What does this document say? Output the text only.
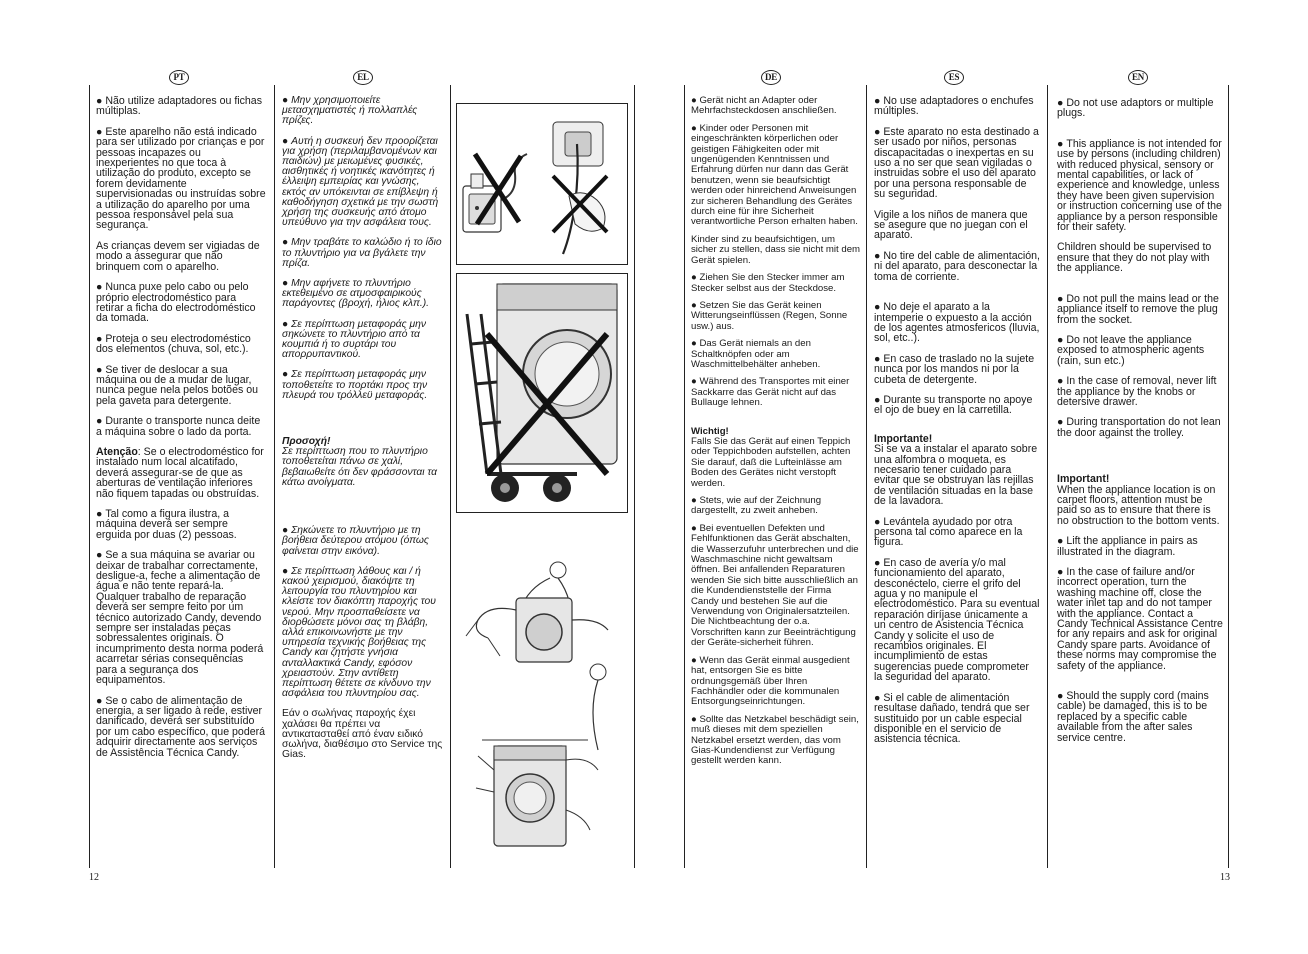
PT	EL

● Não utilize adaptadores ou fichas múltiplas.

● Este aparelho não está indicado para ser utilizado por crianças e por pessoas incapazes ou inexperientes no que toca à utilização do produto, excepto se forem devidamente supervisionadas ou instruídas sobre a utilização do aparelho por uma pessoa responsável pela sua segurança.

As crianças devem ser vigiadas de modo a assegurar que não brinquem com o aparelho.

● Nunca puxe pelo cabo ou pelo próprio electrodoméstico para retirar a ficha do electrodoméstico da tomada.

● Proteja o seu electrodoméstico dos elementos (chuva, sol, etc.).

● Se tiver de deslocar a sua máquina ou de a mudar de lugar, nunca pegue nela pelos botões ou pela gaveta para detergente.

● Durante o transporte nunca deite a máquina sobre o lado da porta.

Atenção: Se o electrodoméstico for instalado num local alcatifado, deverá assegurar-se de que as aberturas de ventilação inferiores não fiquem tapadas ou obstruídas.

● Tal como a figura ilustra, a máquina deverá ser sempre erguida por duas (2) pessoas.

● Se a sua máquina se avariar ou deixar de trabalhar correctamente, desligue-a, feche a alimentação de água e não tente repará-la. Qualquer trabalho de reparação deverá ser sempre feito por um técnico autorizado Candy, devendo sempre ser instaladas peças sobressalentes originais. O incumprimento desta norma poderá acarretar sérias consequências para a segurança dos equipamentos.

● Se o cabo de alimentação de energia, a ser ligado à rede, estiver danificado, deverá ser substituído por um cabo específico, que poderá adquirir directamente aos serviços de Assistência Técnica Candy.

● Μην χρησιμοποιείτε μετασχηματιστές ή πολλαπλές πρίζες.

● Αυτή η συσκευή δεν προορίζεται για χρήση (περιλαμβανομένων και παιδιών) με μειωμένες φυσικές, αισθητικές ή νοητικές ικανότητες ή έλλειψη εμπειρίας και γνώσης, εκτός αν υπόκεινται σε επίβλεψη ή καθοδήγηση σχετικά με την σωστή χρήση της συσκευής από άτομο υπεύθυνο για την ασφάλεια τους.

● Μην τραβάτε το καλώδιο ή το ίδιο το πλυντήριο για να βγάλετε την πρίζα.

● Μην αφήνετε το πλυντήριο εκτεθειμένο σε ατμοσφαιρικούς παράγοντες (βροχή, ήλιος κλπ.).

● Σε περίπτωση μεταφοράς μην σηκώνετε το πλυντήριο από τα κουμπιά ή το συρτάρι του απορρυπαντικού.

● Σε περίπτωση μεταφοράς μην τοποθετείτε το πορτάκι προς την πλευρά του τρόλλεϋ μεταφοράς.

Προσοχή!

Σε περίπτωση που το πλυντήριο τοποθετείται πάνω σε χαλί, βεβαιωθείτε ότι δεν φράσσονται τα κάτω ανοίγματα.

● Σηκώνετε το πλυντήριο με τη βοήθεια δεύτερου ατόμου (όπως φαίνεται στην εικόνα).

● Σε περίπτωση λάθους και / ή κακού χειρισμού, διακόψτε τη λειτουργία του πλυντηρίου και κλείστε τον διακόπτη παροχής του νερού. Μην προσπαθείσετε να διορθώσετε μόνοι σας τη βλάβη, αλλά επικοινωνήστε με την υπηρεσία τεχνικής βοήθειας της Candy και ζητήστε γνήσια ανταλλακτικά Candy, εφόσον χρειαστούν. Στην αντίθετη περίπτωση θέτετε σε κίνδυνο την ασφάλεια του πλυντηρίου σας.

Εάν ο σωλήνας παροχής έχει χαλάσει θα πρέπει να αντικατασταθεί από έναν ειδικό σωλήνα, διαθέσιμο στο Service της Gias.

12
DE	ES	EN

● Gerät nicht an Adapter oder Mehrfachsteckdosen anschließen.

● Kinder oder Personen mit eingeschränkten körperlichen oder geistigen Fähigkeiten oder mit ungenügenden Kenntnissen und Erfahrung dürfen nur dann das Gerät benutzen, wenn sie beaufsichtigt werden oder hinreichend Anweisungen zur sicheren Behandlung des Gerätes durch eine für ihre Sicherheit verantwortliche Person erhalten haben.

Kinder sind zu beaufsichtigen, um sicher zu stellen, dass sie nicht mit dem Gerät spielen.

● Ziehen Sie den Stecker immer am Stecker selbst aus der Steckdose.

● Setzen Sie das Gerät keinen Witterungseinflüssen (Regen, Sonne usw.) aus.

● Das Gerät niemals an den Schaltknöpfen oder am Waschmittelbehälter anheben.

● Während des Transportes mit einer Sackkarre das Gerät nicht auf das Bullauge lehnen.

Wichtig!

Falls Sie das Gerät auf einen Teppich oder Teppichboden aufstellen, achten Sie darauf, daß die Lufteinlässe am Boden des Gerätes nicht verstopft werden.

● Stets, wie auf der Zeichnung dargestellt, zu zweit anheben.

● Bei eventuellen Defekten und Fehlfunktionen das Gerät abschalten, die Wasserzufuhr unterbrechen und die Waschmaschine nicht gewaltsam öffnen. Bei anfallenden Reparaturen wenden Sie sich bitte ausschließlich an die Kundendienststelle der Firma Candy und bestehen Sie auf die Verwendung von Originalersatzteilen. Die Nichtbeachtung der o.a. Vorschriften kann zur Beeinträchtigung der Geräte-sicherheit führen.

● Wenn das Gerät einmal ausgedient hat, entsorgen Sie es bitte ordnungsgemäß über Ihren Fachhändler oder die kommunalen Entsorgungseinrichtungen.

● Sollte das Netzkabel beschädigt sein, muß dieses mit dem speziellen Netzkabel ersetzt werden, das vom Gias-Kundendienst zur Verfügung gestellt werden kann.

● No use adaptadores o enchufes múltiples.

● Este aparato no esta destinado a ser usado por niños, personas discapacitadas o inexpertas en su uso a no ser que sean vigiladas o instruidas sobre el uso del aparato por una persona responsable de su seguridad.

Vigile a los niños de manera que se asegure que no juegan con el aparato.

● No tire del cable de alimentación, ni del aparato, para desconectar la toma de corriente.

● No deje el aparato a la intemperie o expuesto a la acción de los agentes atmosfericos (lluvia, sol, etc..).

● En caso de traslado no la sujete nunca por los mandos ni por la cubeta de detergente.

● Durante su transporte no apoye el ojo de buey en la carretilla.

Importante!

Si se va a instalar el aparato sobre una alfombra o moqueta, es necesario tener cuidado para evitar que se obstruyan las rejillas de ventilación situadas en la base de la lavadora.

● Levántela ayudado por otra persona tal como aparece en la figura.

● En caso de avería y/o mal funcionamiento del aparato, desconéctelo, cierre el grifo del agua y no manipule el electrodoméstico. Para su eventual reparación diríjase únicamente a un centro de Asistencia Técnica Candy y solicite el uso de recambios originales. El incumplimiento de estas sugerencias puede comprometer la seguridad del aparato.

● Si el cable de alimentación resultase dañado, tendrá que ser sustituido por un cable especial disponible en el servicio de asistencia técnica.

● Do not use adaptors or multiple plugs.

● This appliance is not intended for use by persons (including children) with reduced physical, sensory or mental capabilities, or lack of experience and knowledge, unless they have been given supervision or instruction concerning use of the appliance by a person responsible for their safety.

Children should be supervised to ensure that they do not play with the appliance.

● Do not pull the mains lead or the appliance itself to remove the plug from the socket.

● Do not leave the appliance exposed to atmospheric agents (rain, sun etc.)

● In the case of removal, never lift the appliance by the knobs or detersive drawer.

● During transportation do not lean the door against the trolley.

Important!

When the appliance location is on carpet floors, attention must be paid so as to ensure that there is no obstruction to the bottom vents.

● Lift the appliance in pairs as illustrated in the diagram.

● In the case of failure and/or incorrect operation, turn the washing machine off, close the water inlet tap and do not tamper with the appliance. Contact a Candy Technical Assistance Centre for any repairs and ask for original Candy spare parts. Avoidance of these norms may compromise the safety of the appliance.

● Should the supply cord (mains cable) be damaged, this is to be replaced by a specific cable available from the after sales service centre.

13
